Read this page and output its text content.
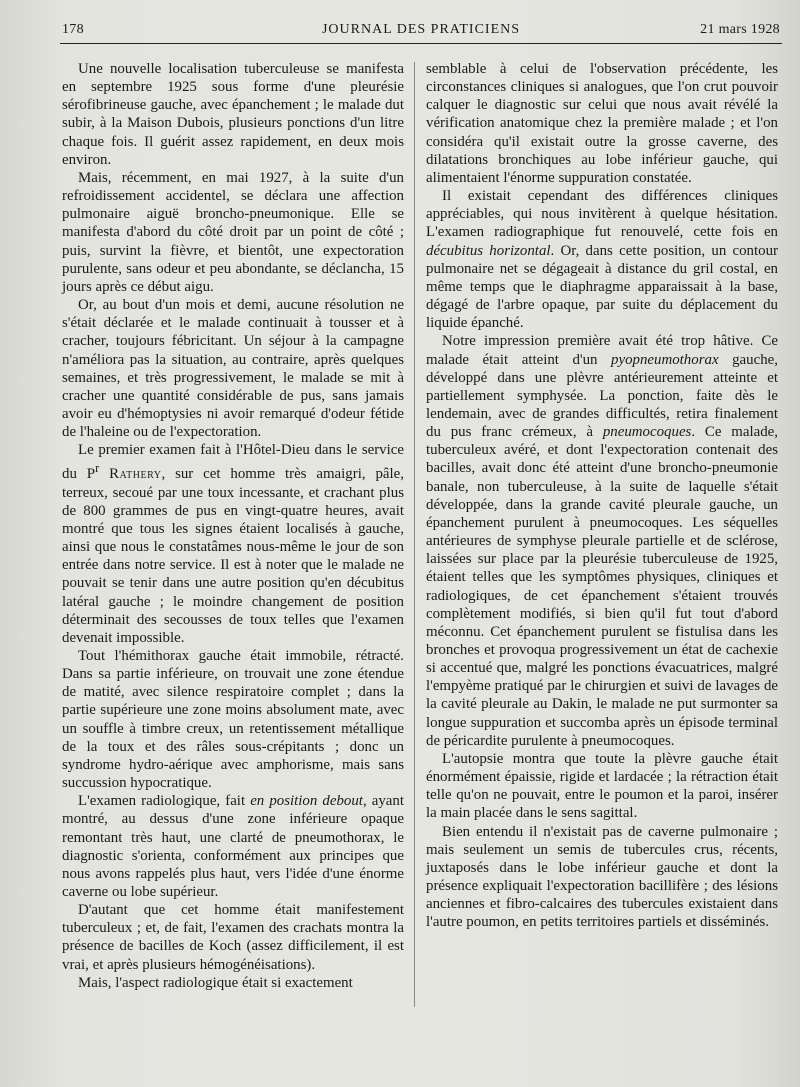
178	JOURNAL DES PRATICIENS	21 mars 1928

Une nouvelle localisation tuberculeuse se manifesta en septembre 1925 sous forme d'une pleurésie sérofibrineuse gauche, avec épanchement ; le malade dut subir, à la Maison Dubois, plusieurs ponctions d'un litre chaque fois. Il guérit assez rapidement, en deux mois environ.

Mais, récemment, en mai 1927, à la suite d'un refroidissement accidentel, se déclara une affection pulmonaire aiguë broncho-pneumonique. Elle se manifesta d'abord du côté droit par un point de côté ; puis, survint la fièvre, et bientôt, une expectoration purulente, sans odeur et peu abondante, se déclancha, 15 jours après ce début aigu.

Or, au bout d'un mois et demi, aucune résolution ne s'était déclarée et le malade continuait à tousser et à cracher, toujours fébricitant. Un séjour à la campagne n'améliora pas la situation, au contraire, après quelques semaines, et très progressivement, le malade se mit à cracher une quantité considérable de pus, sans jamais avoir eu d'hémoptysies ni avoir remarqué d'odeur fétide de l'haleine ou de l'expectoration.

Le premier examen fait à l'Hôtel-Dieu dans le service du $P^r$ Rathery, sur cet homme très amaigri, pâle, terreux, secoué par une toux incessante, et crachant plus de 800 grammes de pus en vingt-quatre heures, avait montré que tous les signes étaient localisés à gauche, ainsi que nous le constatâmes nous-même le jour de son entrée dans notre service. Il est à noter que le malade ne pouvait se tenir dans une autre position qu'en décubitus latéral gauche ; le moindre changement de position déterminait des secousses de toux telles que l'examen devenait impossible.

Tout l'hémithorax gauche était immobile, rétracté. Dans sa partie inférieure, on trouvait une zone étendue de matité, avec silence respiratoire complet ; dans la partie supérieure une zone moins absolument mate, avec un souffle à timbre creux, un retentissement métallique de la toux et des râles sous-crépitants ; donc un syndrome hydro-aérique avec amphorisme, mais sans succussion hypocratique.

L'examen radiologique, fait en position debout, ayant montré, au dessus d'une zone inférieure opaque remontant très haut, une clarté de pneumothorax, le diagnostic s'orienta, conformément aux principes que nous avons rappelés plus haut, vers l'idée d'une énorme caverne ou lobe supérieur.

D'autant que cet homme était manifestement tuberculeux ; et, de fait, l'examen des crachats montra la présence de bacilles de Koch (assez difficilement, il est vrai, et après plusieurs hémogénéisations).

Mais, l'aspect radiologique était si exactement

semblable à celui de l'observation précédente, les circonstances cliniques si analogues, que l'on crut pouvoir calquer le diagnostic sur celui que nous avait révélé la vérification anatomique chez la première malade ; et l'on considéra qu'il existait outre la grosse caverne, des dilatations bronchiques au lobe inférieur gauche, qui alimentaient l'énorme suppuration constatée.

Il existait cependant des différences cliniques appréciables, qui nous invitèrent à quelque hésitation. L'examen radiographique fut renouvelé, cette fois en décubitus horizontal. Or, dans cette position, un contour pulmonaire net se dégageait à distance du gril costal, en même temps que le diaphragme apparaissait à la base, dégagé de l'arbre opaque, par suite du déplacement du liquide épanché.

Notre impression première avait été trop hâtive. Ce malade était atteint d'un pyopneumothorax gauche, développé dans une plèvre antérieurement atteinte et partiellement symphysée. La ponction, faite dès le lendemain, avec de grandes difficultés, retira finalement du pus franc crémeux, à pneumocoques. Ce malade, tuberculeux avéré, et dont l'expectoration contenait des bacilles, avait donc été atteint d'une broncho-pneumonie banale, non tuberculeuse, à la suite de laquelle s'était développée, dans la grande cavité pleurale gauche, un épanchement purulent à pneumocoques. Les séquelles antérieures de symphyse pleurale partielle et de sclérose, laissées sur place par la pleurésie tuberculeuse de 1925, étaient telles que les symptômes physiques, cliniques et radiologiques, de cet épanchement s'étaient trouvés complètement modifiés, si bien qu'il fut tout d'abord méconnu. Cet épanchement purulent se fistulisa dans les bronches et provoqua progressivement un état de cachexie si accentué que, malgré les ponctions évacuatrices, malgré l'empyème pratiqué par le chirurgien et suivi de lavages de la cavité pleurale au Dakin, le malade ne put surmonter sa longue suppuration et succomba après un épisode terminal de péricardite purulente à pneumocoques.

L'autopsie montra que toute la plèvre gauche était énormément épaissie, rigide et lardacée ; la rétraction était telle qu'on ne pouvait, entre le poumon et la paroi, insérer la main placée dans le sens sagittal.

Bien entendu il n'existait pas de caverne pulmonaire ; mais seulement un semis de tubercules crus, récents, juxtaposés dans le lobe inférieur gauche et dont la présence expliquait l'expectoration bacillifère ; des lésions anciennes et fibro-calcaires des tubercules existaient dans l'autre poumon, en petits territoires partiels et disséminés.
